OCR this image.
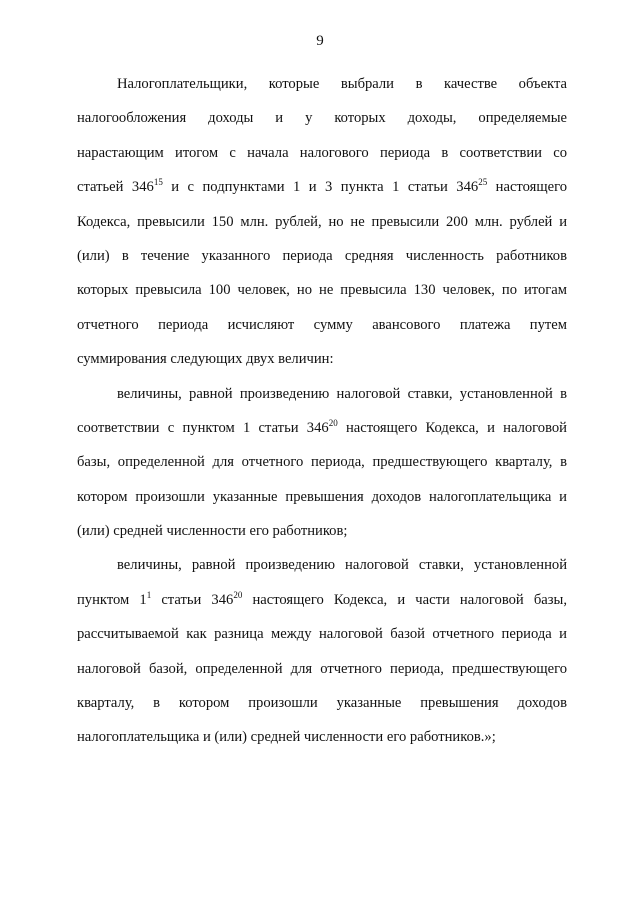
9
Налогоплательщики, которые выбрали в качестве объекта
налогообложения доходы и у которых доходы, определяемые
нарастающим итогом с начала налогового периода в соответствии со
статьей $346^{15}$ и с подпунктами 1 и 3 пункта 1 статьи $346^{25}$ настоящего
Кодекса, превысили 150 млн. рублей, но не превысили 200 млн. рублей и
(или) в течение указанного периода средняя численность работников
которых превысила 100 человек, но не превысила 130 человек, по итогам
отчетного периода исчисляют сумму авансового платежа путем
суммирования следующих двух величин:
величины, равной произведению налоговой ставки, установленной в
соответствии с пунктом 1 статьи $346^{20}$ настоящего Кодекса, и налоговой
базы, определенной для отчетного периода, предшествующего кварталу, в
котором произошли указанные превышения доходов налогоплательщика и
(или) средней численности его работников;
величины, равной произведению налоговой ставки, установленной
пунктом $1^1$ статьи $346^{20}$ настоящего Кодекса, и части налоговой базы,
рассчитываемой как разница между налоговой базой отчетного периода и
налоговой базой, определенной для отчетного периода, предшествующего
кварталу, в котором произошли указанные превышения доходов
налогоплательщика и (или) средней численности его работников.»;
